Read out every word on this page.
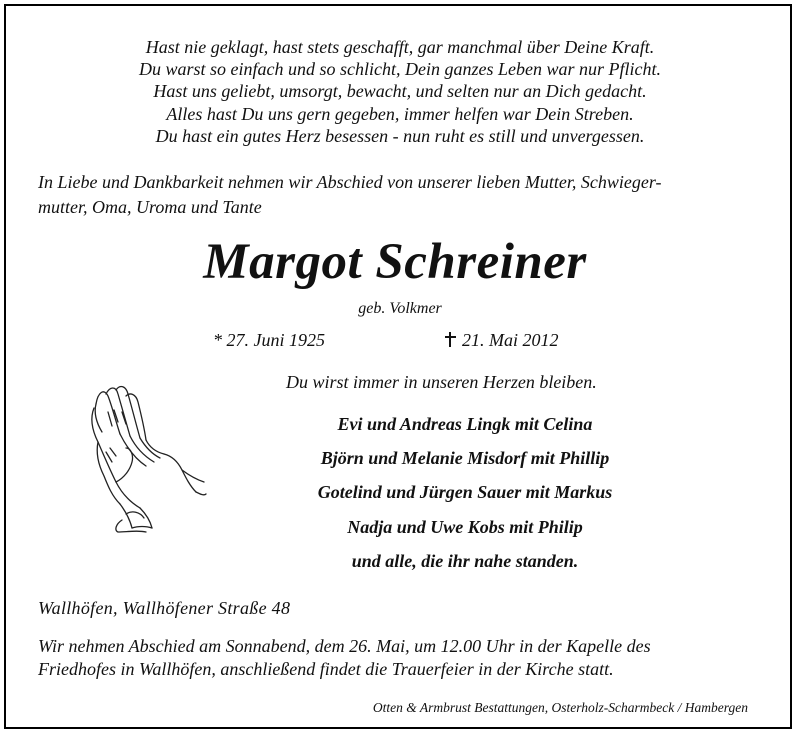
Hast nie geklagt, hast stets geschafft, gar manchmal über Deine Kraft.
Du warst so einfach und so schlicht, Dein ganzes Leben war nur Pflicht.
Hast uns geliebt, umsorgt, bewacht, und selten nur an Dich gedacht.
Alles hast Du uns gern gegeben, immer helfen war Dein Streben.
Du hast ein gutes Herz besessen - nun ruht es still und unvergessen.
In Liebe und Dankbarkeit nehmen wir Abschied von unserer lieben Mutter, Schwieger-
mutter, Oma, Uroma und Tante
Margot Schreiner
geb. Volkmer
* 27. Juni 1925	21. Mai 2012
Du wirst immer in unseren Herzen bleiben.
Evi und Andreas Lingk mit Celina
Björn und Melanie Misdorf mit Phillip
Gotelind und Jürgen Sauer mit Markus
Nadja und Uwe Kobs mit Philip
und alle, die ihr nahe standen.
Wallhöfen, Wallhöfener Straße 48
Wir nehmen Abschied am Sonnabend, dem 26. Mai, um 12.00 Uhr in der Kapelle des
Friedhofes in Wallhöfen, anschließend findet die Trauerfeier in der Kirche statt.
Otten & Armbrust Bestattungen, Osterholz-Scharmbeck / Hambergen
